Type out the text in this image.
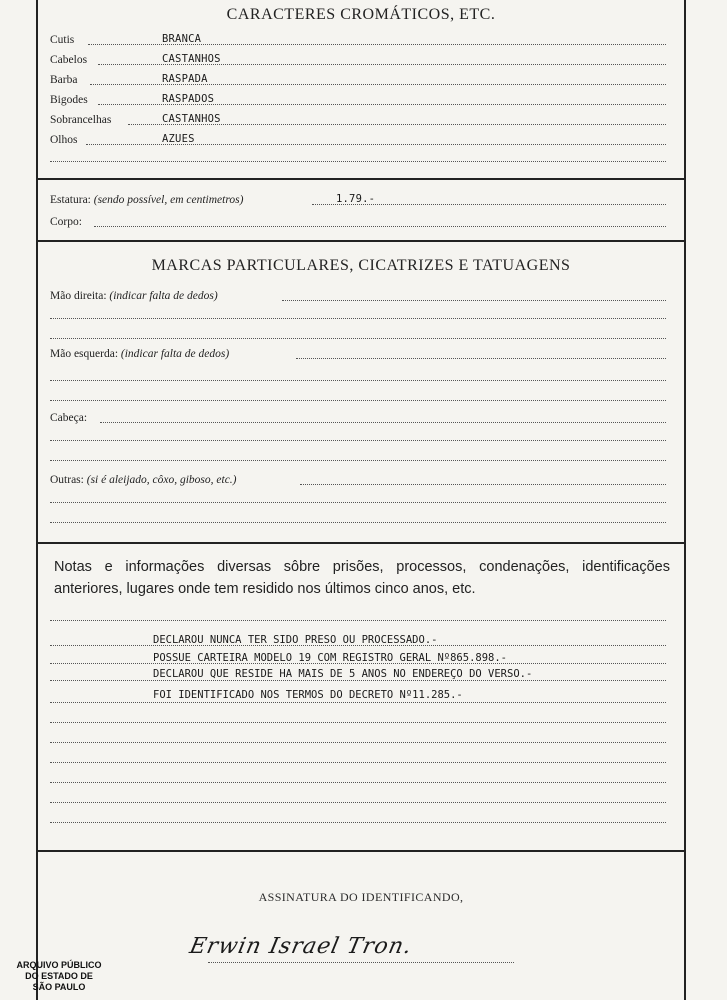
CARACTERES CROMÁTICOS, ETC.
Cutis	BRANCA
Cabelos	CASTANHOS
Barba	RASPADA
Bigodes	RASPADOS
Sobrancelhas	CASTANHOS
Olhos	AZUES
Estatura: (sendo possível, em centimetros)	1.79.-
Corpo:
MARCAS PARTICULARES, CICATRIZES E TATUAGENS
Mão direita: (indicar falta de dedos)
Mão esquerda: (indicar falta de dedos)
Cabeça:
Outras: (si é aleijado, côxo, giboso, etc.)
Notas e informações diversas sôbre prisões, processos, condenações, identificações anteriores, lugares onde tem residido nos últimos cinco anos, etc.
DECLAROU NUNCA TER SIDO PRESO OU PROCESSADO.-
POSSUE CARTEIRA MODELO 19 COM REGISTRO GERAL Nº865.898.-
DECLAROU QUE RESIDE HA MAIS DE 5 ANOS NO ENDEREÇO DO VERSO.-
FOI IDENTIFICADO NOS TERMOS DO DECRETO Nº11.285.-
ASSINATURA DO IDENTIFICANDO,
Erwin Israel Tron.
ARQUIVO PÚBLICO
DO ESTADO DE
SÃO PAULO
